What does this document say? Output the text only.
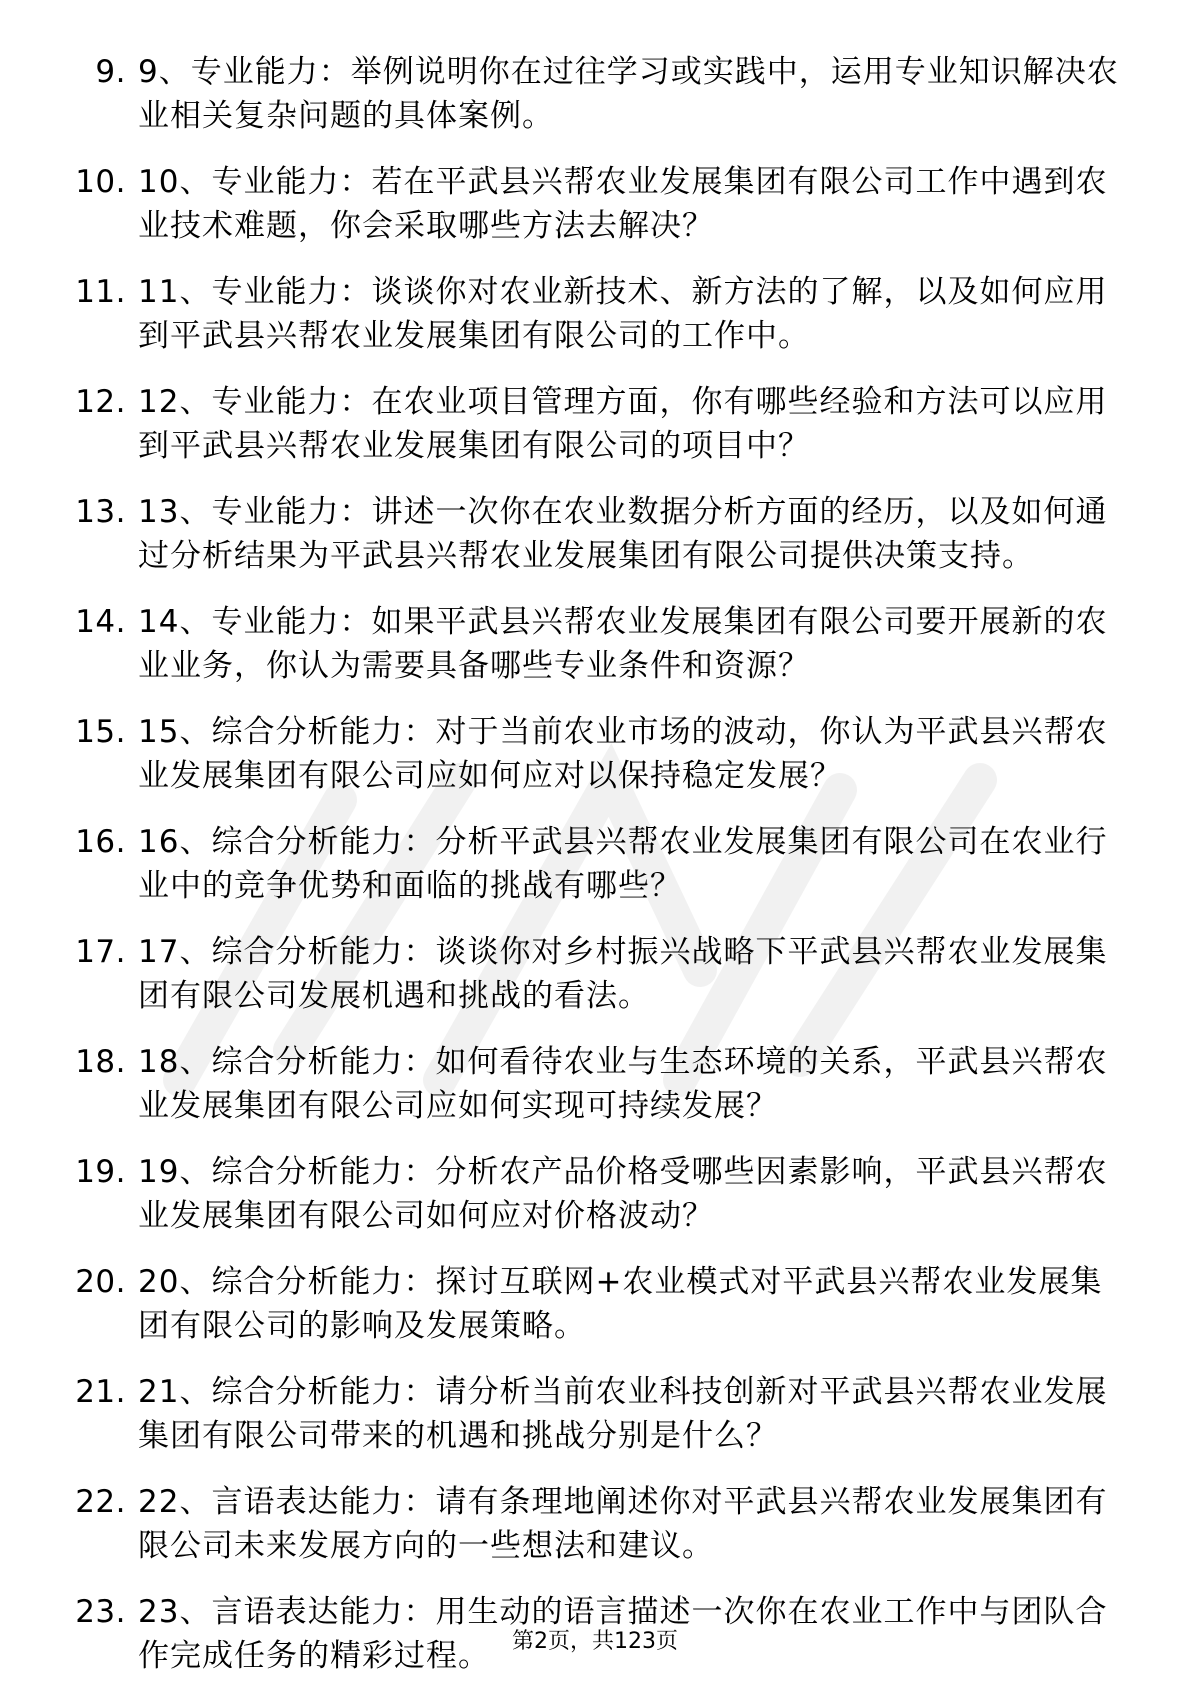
9. 9、专业能力：举例说明你在过往学习或实践中，运用专业知识解决农业相关复杂问题的具体案例。
10. 10、专业能力：若在平武县兴帮农业发展集团有限公司工作中遇到农业技术难题，你会采取哪些方法去解决？
11. 11、专业能力：谈谈你对农业新技术、新方法的了解，以及如何应用到平武县兴帮农业发展集团有限公司的工作中。
12. 12、专业能力：在农业项目管理方面，你有哪些经验和方法可以应用到平武县兴帮农业发展集团有限公司的项目中？
13. 13、专业能力：讲述一次你在农业数据分析方面的经历，以及如何通过分析结果为平武县兴帮农业发展集团有限公司提供决策支持。
14. 14、专业能力：如果平武县兴帮农业发展集团有限公司要开展新的农业业务，你认为需要具备哪些专业条件和资源？
15. 15、综合分析能力：对于当前农业市场的波动，你认为平武县兴帮农业发展集团有限公司应如何应对以保持稳定发展？
16. 16、综合分析能力：分析平武县兴帮农业发展集团有限公司在农业行业中的竞争优势和面临的挑战有哪些？
17. 17、综合分析能力：谈谈你对乡村振兴战略下平武县兴帮农业发展集团有限公司发展机遇和挑战的看法。
18. 18、综合分析能力：如何看待农业与生态环境的关系，平武县兴帮农业发展集团有限公司应如何实现可持续发展？
19. 19、综合分析能力：分析农产品价格受哪些因素影响，平武县兴帮农业发展集团有限公司如何应对价格波动？
20. 20、综合分析能力：探讨互联网+农业模式对平武县兴帮农业发展集团有限公司的影响及发展策略。
21. 21、综合分析能力：请分析当前农业科技创新对平武县兴帮农业发展集团有限公司带来的机遇和挑战分别是什么？
22. 22、言语表达能力：请有条理地阐述你对平武县兴帮农业发展集团有限公司未来发展方向的一些想法和建议。
23. 23、言语表达能力：用生动的语言描述一次你在农业工作中与团队合作完成任务的精彩过程。	第2页，共123页
